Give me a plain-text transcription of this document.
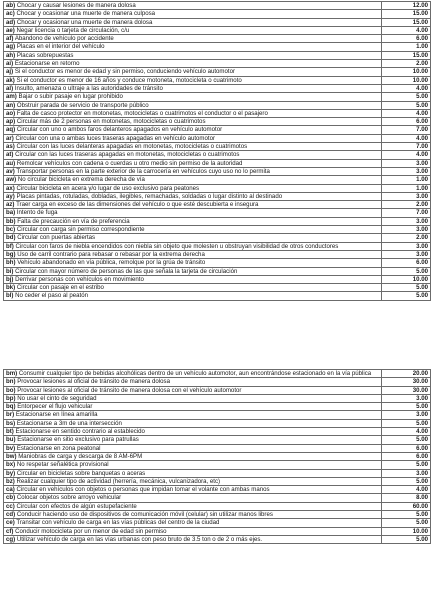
ab) Chocar y causar lesiones de manera dolosa	12.00
ac) Chocar y ocasionar una muerte de manera culposa	15.00
ad) Chocar y ocasionar una muerte de manera dolosa	15.00
ae) Negar licencia o tarjeta de circulación, c/u	4.00
af) Abandono de vehículo por accidente	6.00
ag) Placas en el interior del vehículo	1.00
ah) Placas sobrepuestas	15.00
ai) Estacionarse en retorno	2.00
aj) Si el conductor es menor de edad y sin permiso, conduciendo vehículo automotor	10.00
ak) Si el conductor es menor de 16 años y conduce motoneta, motocicleta o cuatrimoto	10.00
al) Insulto, amenaza o ultraje a las autoridades de tránsito	4.00
am) Bajar o subir pasaje en lugar prohibido	5.00
an) Obstruir parada de servicio de transporte público	5.00
ao) Falta de casco protector en motonetas, motocicletas o cuatrimotos el conductor o el pasajero	4.00
ap) Circular más de 2 personas en motonetas, motocicletas o cuatrimotos	6.00
aq) Circular con uno o ambos faros delanteros apagados en vehículo automotor	7.00
ar) Circular con una o ambas luces traseras apagadas en vehículo automotor	4.00
as) Circular con las luces delanteras apagadas en motonetas, motocicletas o cuatrimotos	7.00
at) Circular con las luces traseras apagadas en motonetas, motocicletas o cuatrimotos	4.00
au) Remolcar vehículos con cadena o cuerdas u otro medio sin permiso de la autoridad	3.00
av) Transportar personas en la parte exterior de la carrocería en vehículos cuyo uso no lo permita	3.00
aw) No circular bicicleta en extrema derecha de vía	1.00
ax) Circular bicicleta en acera y/o lugar de uso exclusivo para peatones	1.00
ay) Placas pintadas, rotuladas, dobladas, ilegibles, remachadas, soldadas o lugar distinto al destinado	3.00
az) Traer carga en exceso de las dimensiones del vehículo o que esté descubierta e insegura	2.00
ba) Intento de fuga	7.00
bb) Falta de precaución en vía de preferencia	3.00
bc) Circular con carga sin permiso correspondiente	3.00
bd) Circular con puertas abiertas	2.00
bf) Circular con faros de niebla encendidos con niebla sin objeto que molesten u obstruyan visibilidad de otros conductores	3.00
bg) Uso de carril contrario para rebasar o rebasar por la extrema derecha	3.00
bh) Vehículo abandonado en vía pública, remolque por la grúa de tránsito	6.00
bi) Circular con mayor número de personas de las que señala la tarjeta de circulación	5.00
bj) Derrivar personas con vehículos en movimiento	10.00
bk) Circular con pasaje en el estribo	5.00
bl) No ceder el paso al peatón	5.00
bm) Consumir cualquier tipo de bebidas alcohólicas dentro de un vehículo automotor, aun encontrándose estacionado en la vía pública	20.00
bn) Provocar lesiones al oficial de tránsito de manera dolosa	30.00
bo) Provocar lesiones al oficial de tránsito de manera dolosa con el vehículo automotor	30.00
bp) No usar el cinto de seguridad	3.00
bq) Entorpecer el flujo vehicular	5.00
br) Estacionarse en línea amarilla	3.00
bs) Estacionarse a 3m de una intersección	5.00
bt) Estacionarse en sentido contrario al establecido	4.00
bu) Estacionarse en sitio exclusivo para patrullas	5.00
bv) Estacionarse en zona peatonal	6.00
bw) Maniobras de carga y descarga de 8 AM-6PM	6.00
bx) No respetar señalética provisional	5.00
by) Circular en bicicletas sobre banquetas o aceras	3.00
bz) Realizar cualquier tipo de actividad (herrería, mecánica, vulcanizadora, etc)	5.00
ca) Circular en vehículos con objetos o personas que impidan tomar el volante con ambas manos	4.00
cb) Colocar objetos sobre arroyo vehicular	8.00
cc) Circular con efectos de algún estupefaciente	60.00
cd) Conducir haciendo uso de dispositivos de comunicación móvil (celular) sin utilizar manos libres	5.00
ce) Transitar con vehículo de carga en las vías públicas del centro de la ciudad	5.00
cf) Conducir motocicleta por un menor de edad sin permiso	10.00
cg) Utilizar vehículo de carga en las vías urbanas con peso bruto de 3.5 ton o de 2 o más ejes.	5.00
